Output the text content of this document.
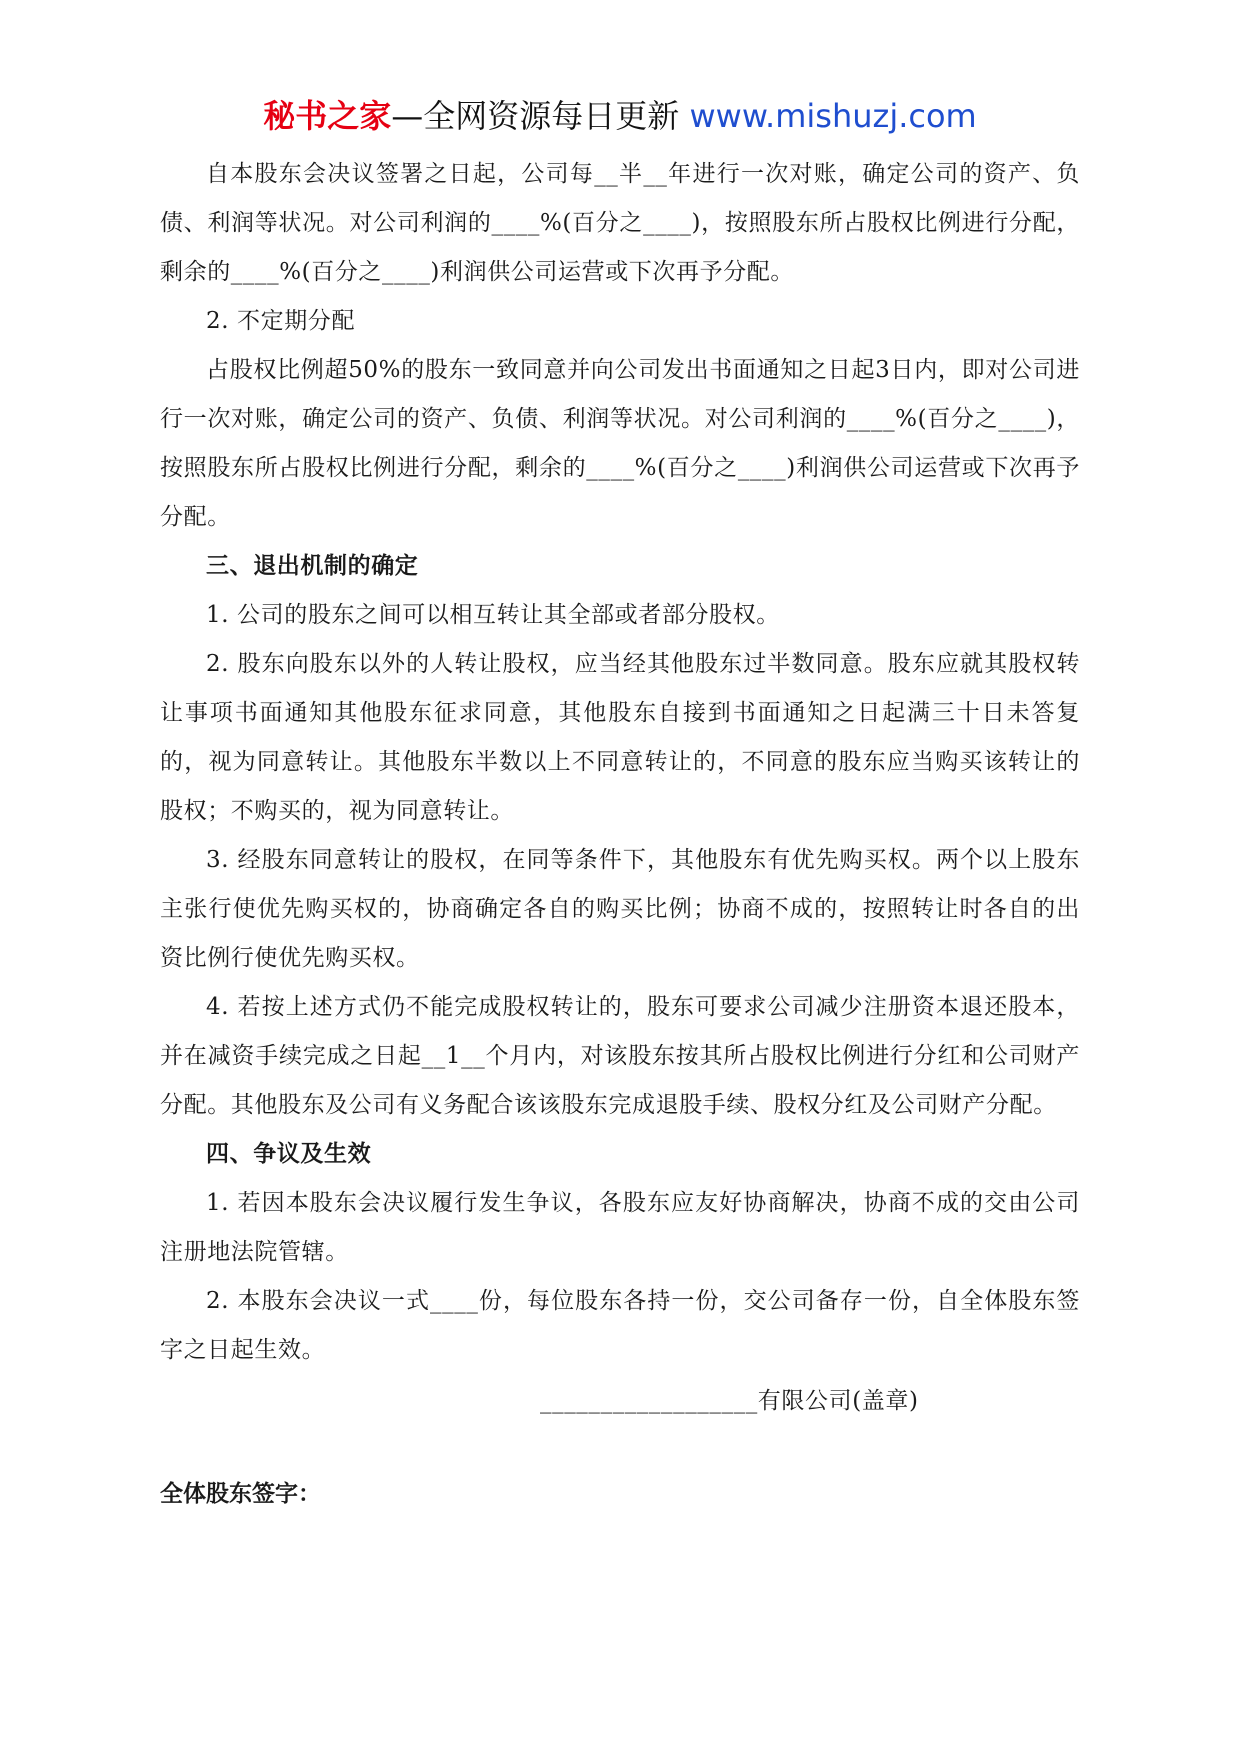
秘书之家—全网资源每日更新 www.mishuzj.com

自本股东会决议签署之日起，公司每__半__年进行一次对账，确定公司的资产、负债、利润等状况。对公司利润的____%(百分之____)，按照股东所占股权比例进行分配，剩余的____%(百分之____)利润供公司运营或下次再予分配。

2. 不定期分配

占股权比例超50%的股东一致同意并向公司发出书面通知之日起3日内，即对公司进行一次对账，确定公司的资产、负债、利润等状况。对公司利润的____%(百分之____)，按照股东所占股权比例进行分配，剩余的____%(百分之____)利润供公司运营或下次再予分配。

三、退出机制的确定

1. 公司的股东之间可以相互转让其全部或者部分股权。

2. 股东向股东以外的人转让股权，应当经其他股东过半数同意。股东应就其股权转让事项书面通知其他股东征求同意，其他股东自接到书面通知之日起满三十日未答复的，视为同意转让。其他股东半数以上不同意转让的，不同意的股东应当购买该转让的股权；不购买的，视为同意转让。

3. 经股东同意转让的股权，在同等条件下，其他股东有优先购买权。两个以上股东主张行使优先购买权的，协商确定各自的购买比例；协商不成的，按照转让时各自的出资比例行使优先购买权。

4. 若按上述方式仍不能完成股权转让的，股东可要求公司减少注册资本退还股本，并在减资手续完成之日起__1__个月内，对该股东按其所占股权比例进行分红和公司财产分配。其他股东及公司有义务配合该该股东完成退股手续、股权分红及公司财产分配。

四、争议及生效

1. 若因本股东会决议履行发生争议，各股东应友好协商解决，协商不成的交由公司注册地法院管辖。

2. 本股东会决议一式____份，每位股东各持一份，交公司备存一份，自全体股东签字之日起生效。

__________________有限公司(盖章)
全体股东签字：
